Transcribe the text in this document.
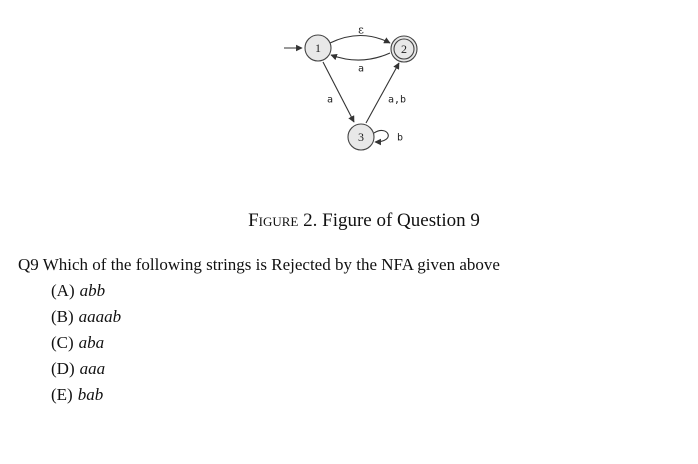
ε
a
a	a,b
b
1	2
3
Figure 2. Figure of Question 9
Q9 Which of the following strings is Rejected by the NFA given above
(A) abb
(B) aaaab
(C) aba
(D) aaa
(E) bab
